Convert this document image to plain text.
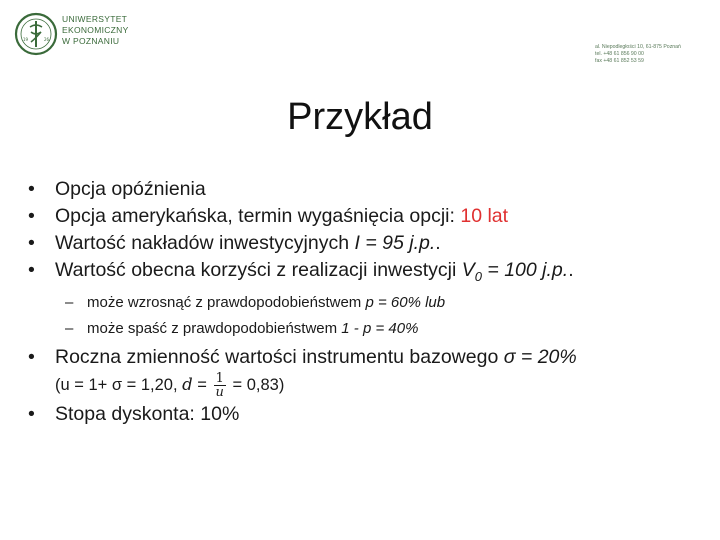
19	26
UNIWERSYTET
EKONOMICZNY
W POZNANIU
al. Niepodległości 10, 61-875 Poznań
tel. +48 61 856 90 00
fax +48 61 852 53 59
Przykład
• Opcja opóźnienia
• Opcja amerykańska, termin wygaśnięcia opcji: 10 lat
• Wartość nakładów inwestycyjnych I = 95 j.p..
• Wartość obecna korzyści z realizacji inwestycji $V_0 = 100$ j.p..
– może wzrosnąć z prawdopodobieństwem p = 60% lub
– może spaść z prawdopodobieństwem 1 - p = 40%
• Roczna zmienność wartości instrumentu bazowego σ = 20%
(u = 1+ σ = 1,20, $d = \frac{1}{u} = 0,83$)
• Stopa dyskonta: 10%
